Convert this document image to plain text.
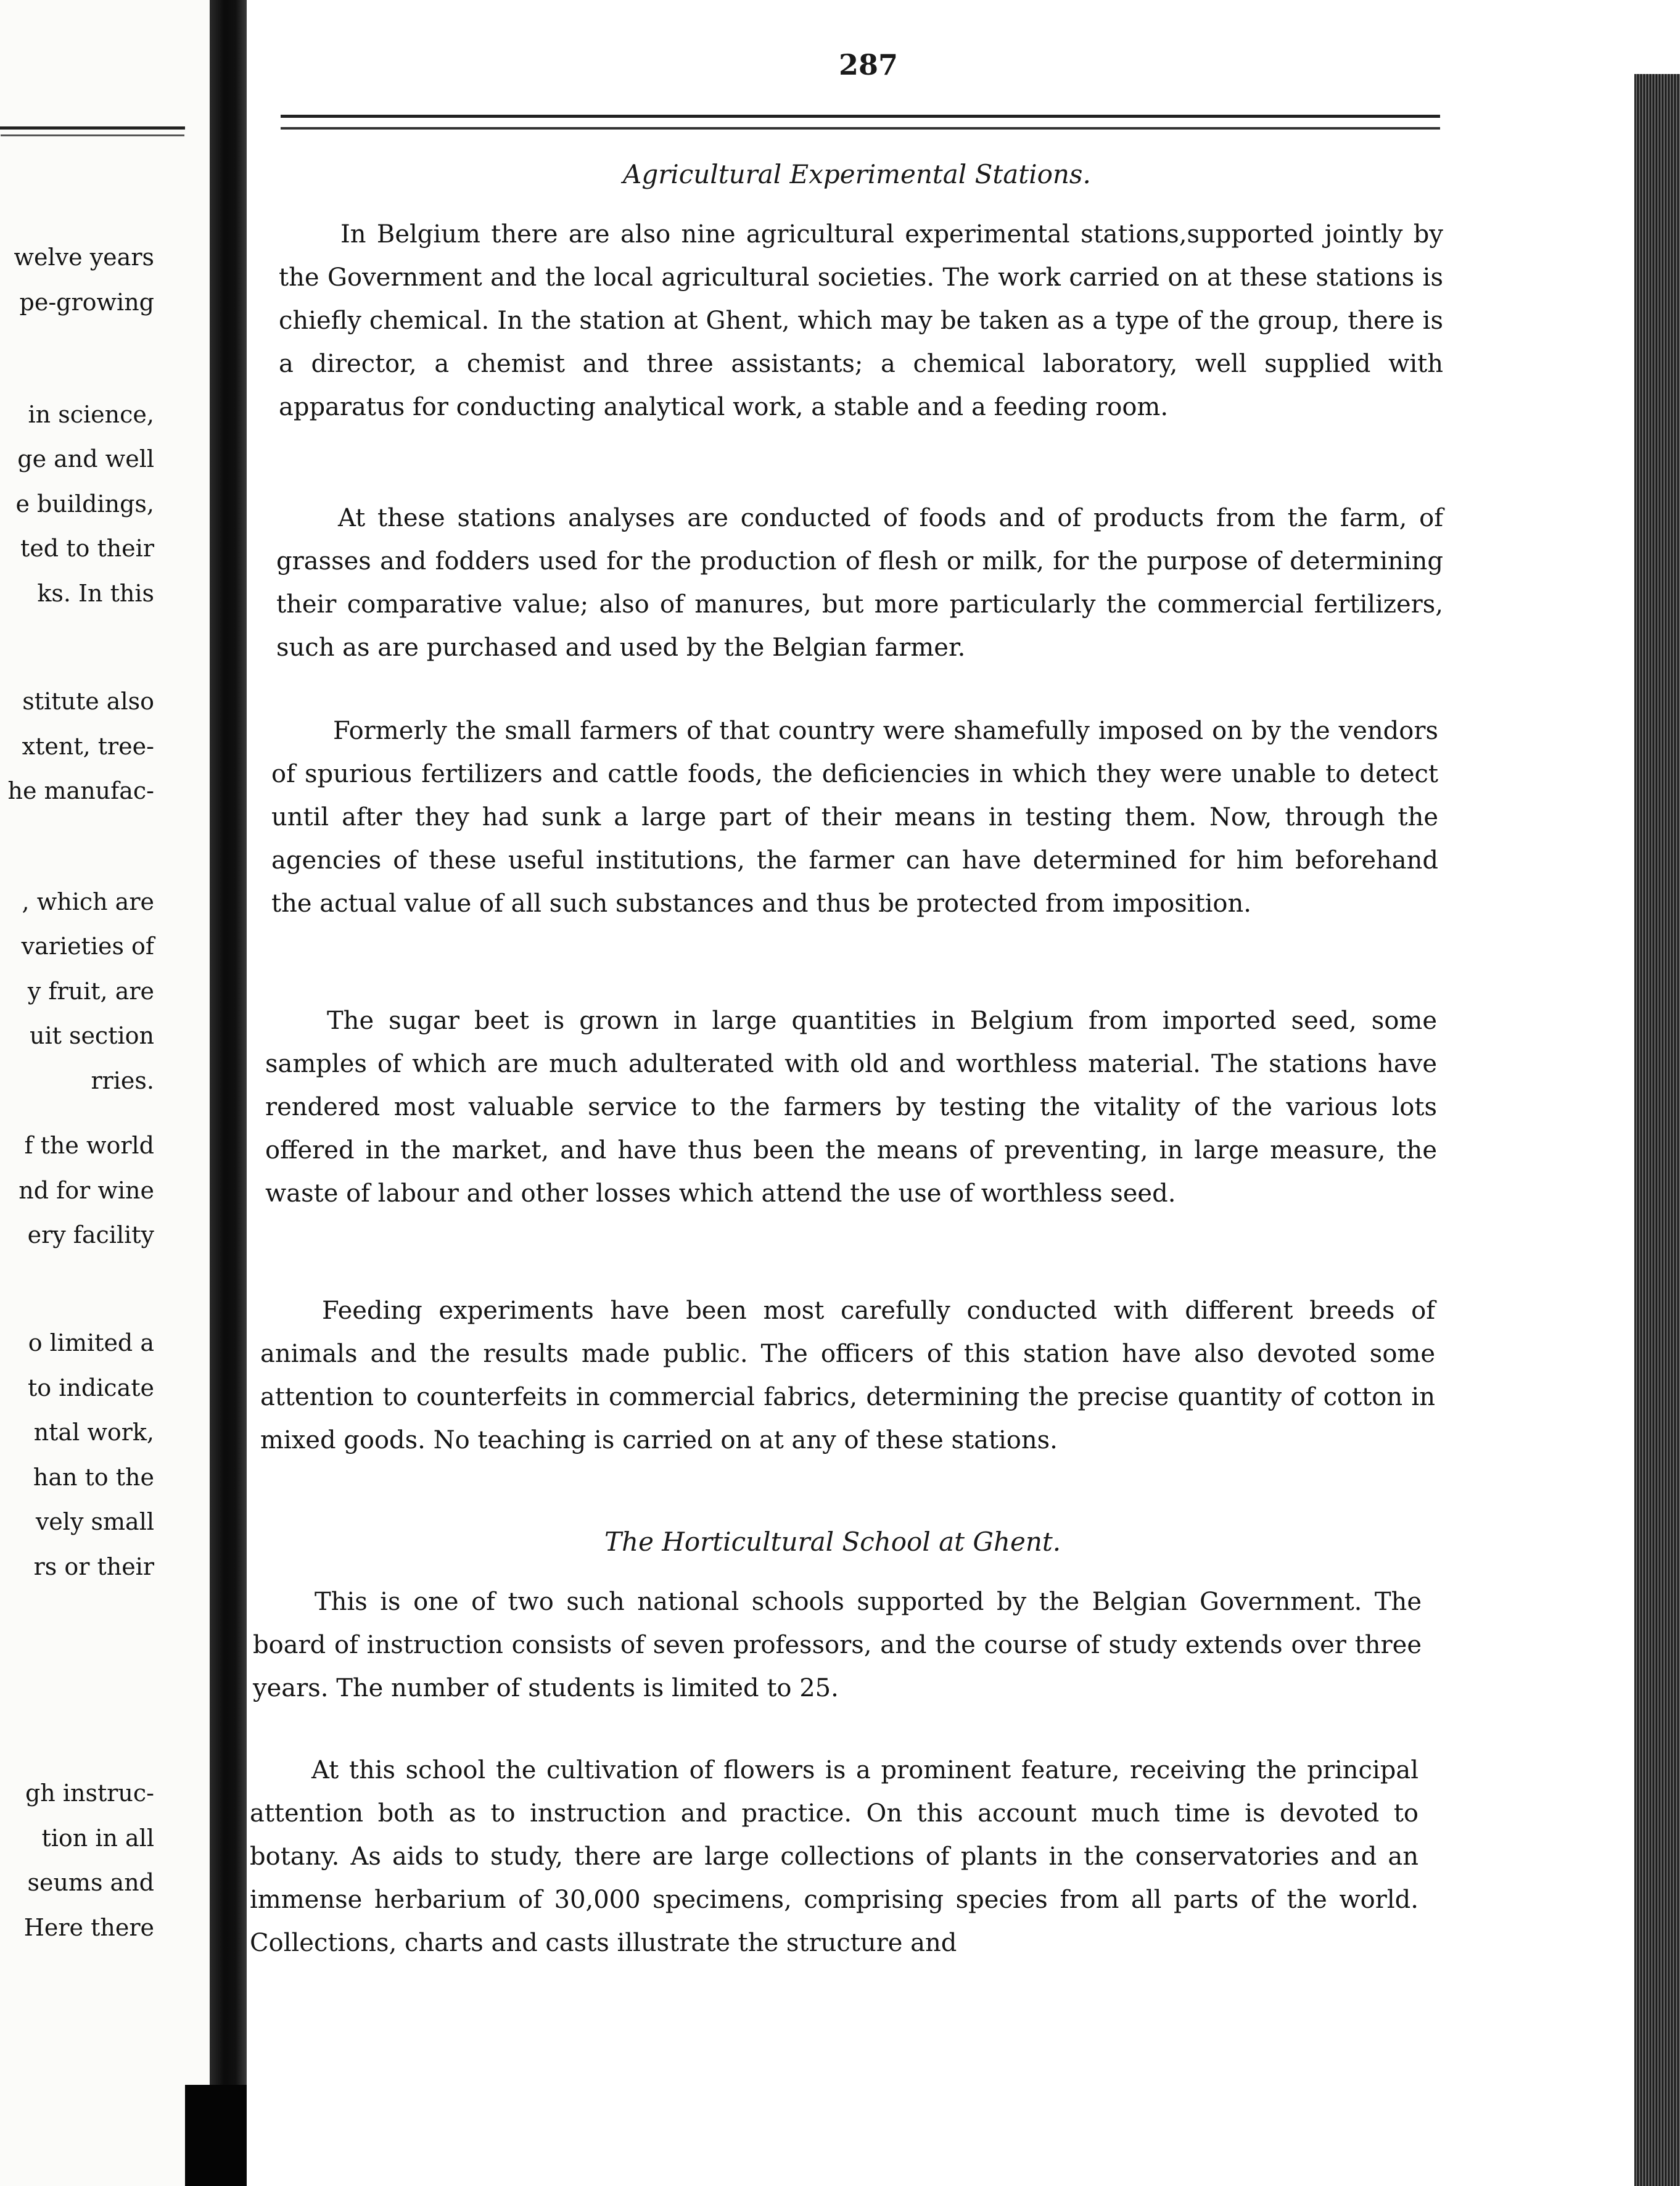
welve years
pe-growing
in science,
ge and well
e buildings,
ted to their
ks. In this
stitute also
xtent, tree-
he manufac-
, which are
varieties of
y fruit, are
uit section
rries.
f the world
nd for wine
ery facility
o limited a
to indicate
ntal work,
han to the
vely small
rs or their
gh instruc-
tion in all
seums and
Here there
287
Agricultural Experimental Stations.
In Belgium there are also nine agricultural experimental stations,supported jointly by the Government and the local agricultural societies. The work carried on at these stations is chiefly chemical. In the station at Ghent, which may be taken as a type of the group, there is a director, a chemist and three assistants; a chemical laboratory, well supplied with apparatus for conducting analytical work, a stable and a feeding room.
At these stations analyses are conducted of foods and of products from the farm, of grasses and fodders used for the production of flesh or milk, for the purpose of determining their comparative value; also of manures, but more particularly the commercial fertilizers, such as are purchased and used by the Belgian farmer.
Formerly the small farmers of that country were shamefully imposed on by the vendors of spurious fertilizers and cattle foods, the deficiencies in which they were unable to detect until after they had sunk a large part of their means in testing them. Now, through the agencies of these useful institutions, the farmer can have determined for him beforehand the actual value of all such substances and thus be protected from imposition.
The sugar beet is grown in large quantities in Belgium from imported seed, some samples of which are much adulterated with old and worthless material. The stations have rendered most valuable service to the farmers by testing the vitality of the various lots offered in the market, and have thus been the means of preventing, in large measure, the waste of labour and other losses which attend the use of worthless seed.
Feeding experiments have been most carefully conducted with different breeds of animals and the results made public. The officers of this station have also devoted some attention to counterfeits in commercial fabrics, determining the precise quantity of cotton in mixed goods. No teaching is carried on at any of these stations.
The Horticultural School at Ghent.
This is one of two such national schools supported by the Belgian Government. The board of instruction consists of seven professors, and the course of study extends over three years. The number of students is limited to 25.
At this school the cultivation of flowers is a prominent feature, receiving the principal attention both as to instruction and practice. On this account much time is devoted to botany. As aids to study, there are large collections of plants in the conservatories and an immense herbarium of 30,000 specimens, comprising species from all parts of the world. Collections, charts and casts illustrate the structure and
